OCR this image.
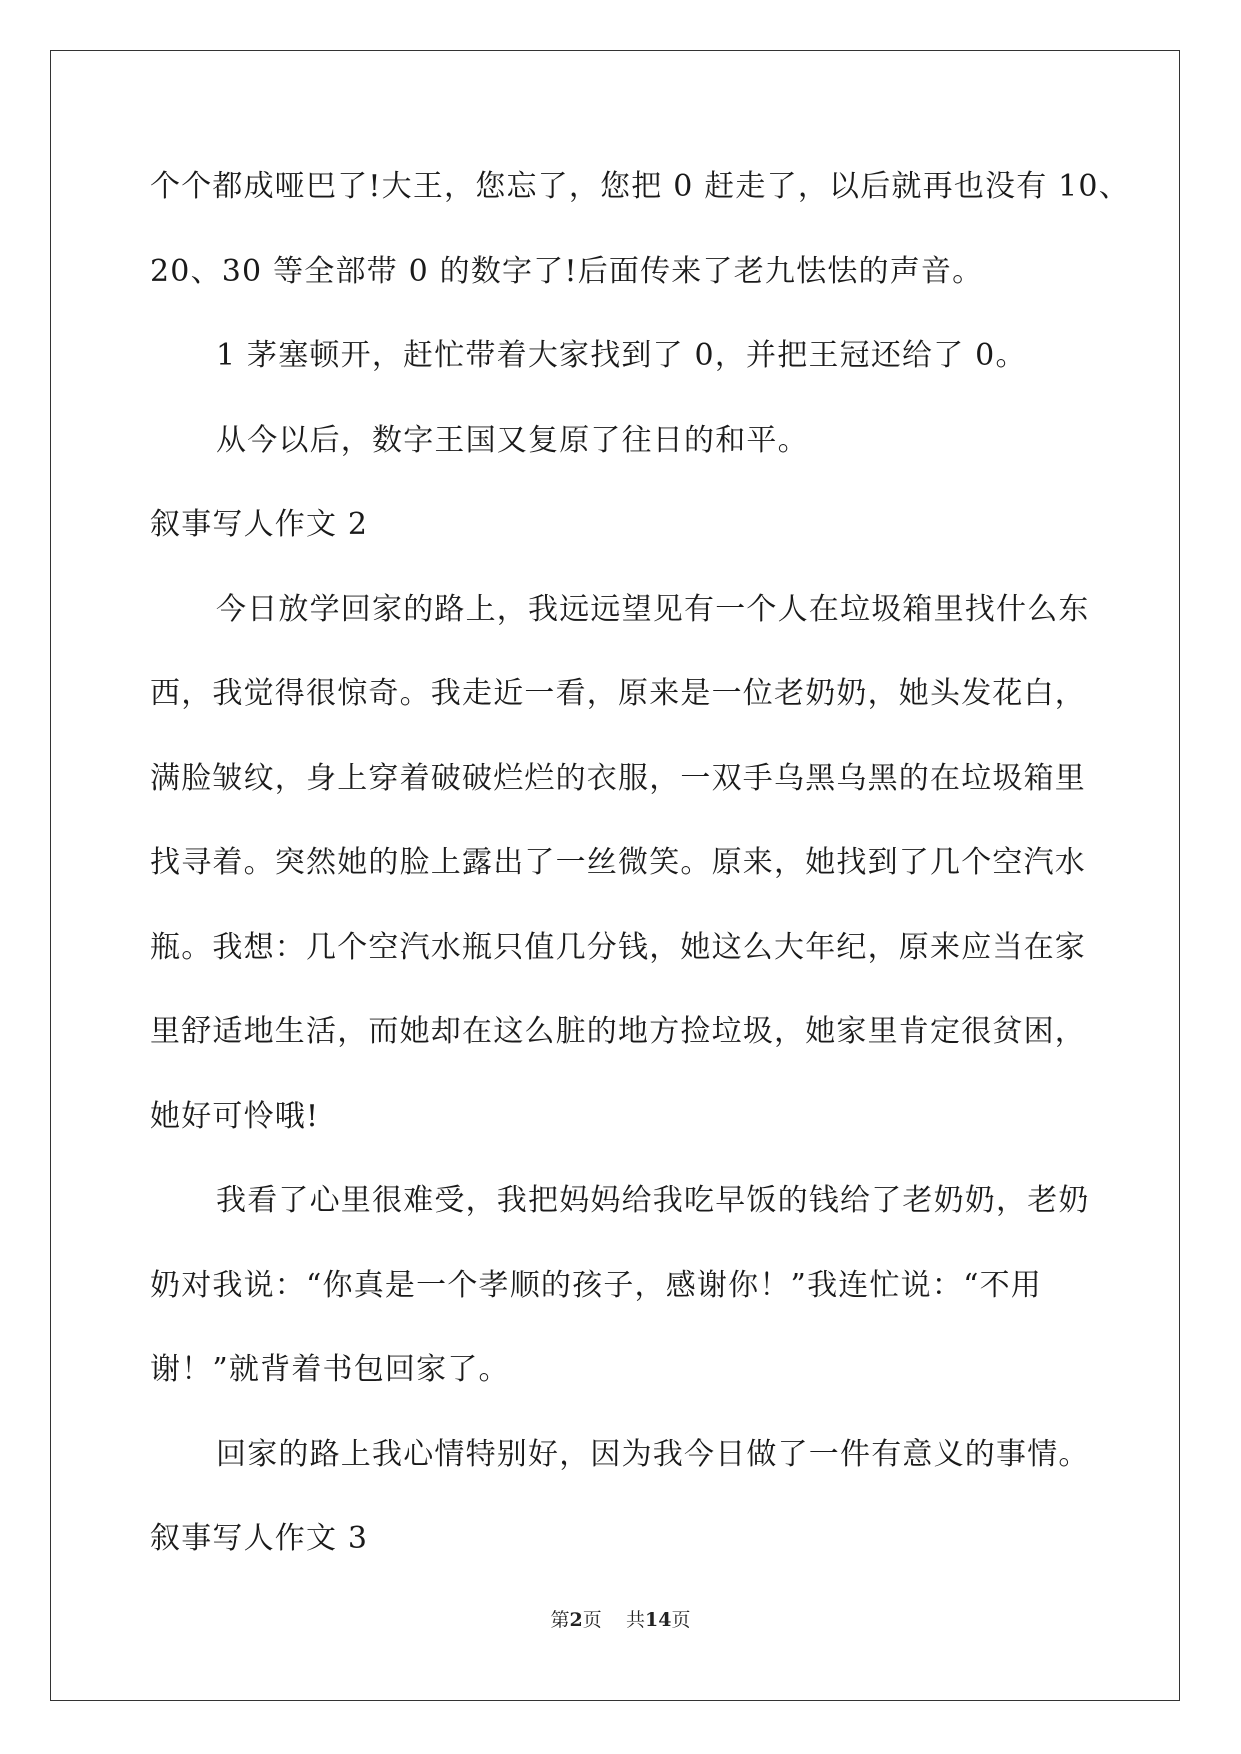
个个都成哑巴了!大王，您忘了，您把 0 赶走了，以后就再也没有 10、
20、30 等全部带 0 的数字了!后面传来了老九怯怯的声音。
1 茅塞顿开，赶忙带着大家找到了 0，并把王冠还给了 0。
从今以后，数字王国又复原了往日的和平。
叙事写人作文 2
今日放学回家的路上，我远远望见有一个人在垃圾箱里找什么东
西，我觉得很惊奇。我走近一看，原来是一位老奶奶，她头发花白，
满脸皱纹，身上穿着破破烂烂的衣服，一双手乌黑乌黑的在垃圾箱里
找寻着。突然她的脸上露出了一丝微笑。原来，她找到了几个空汽水
瓶。我想：几个空汽水瓶只值几分钱，她这么大年纪，原来应当在家
里舒适地生活，而她却在这么脏的地方捡垃圾，她家里肯定很贫困，
她好可怜哦!
我看了心里很难受，我把妈妈给我吃早饭的钱给了老奶奶，老奶
奶对我说：“你真是一个孝顺的孩子，感谢你！”我连忙说：“不用
谢！”就背着书包回家了。
回家的路上我心情特别好，因为我今日做了一件有意义的事情。
叙事写人作文 3
第2页 共14页
